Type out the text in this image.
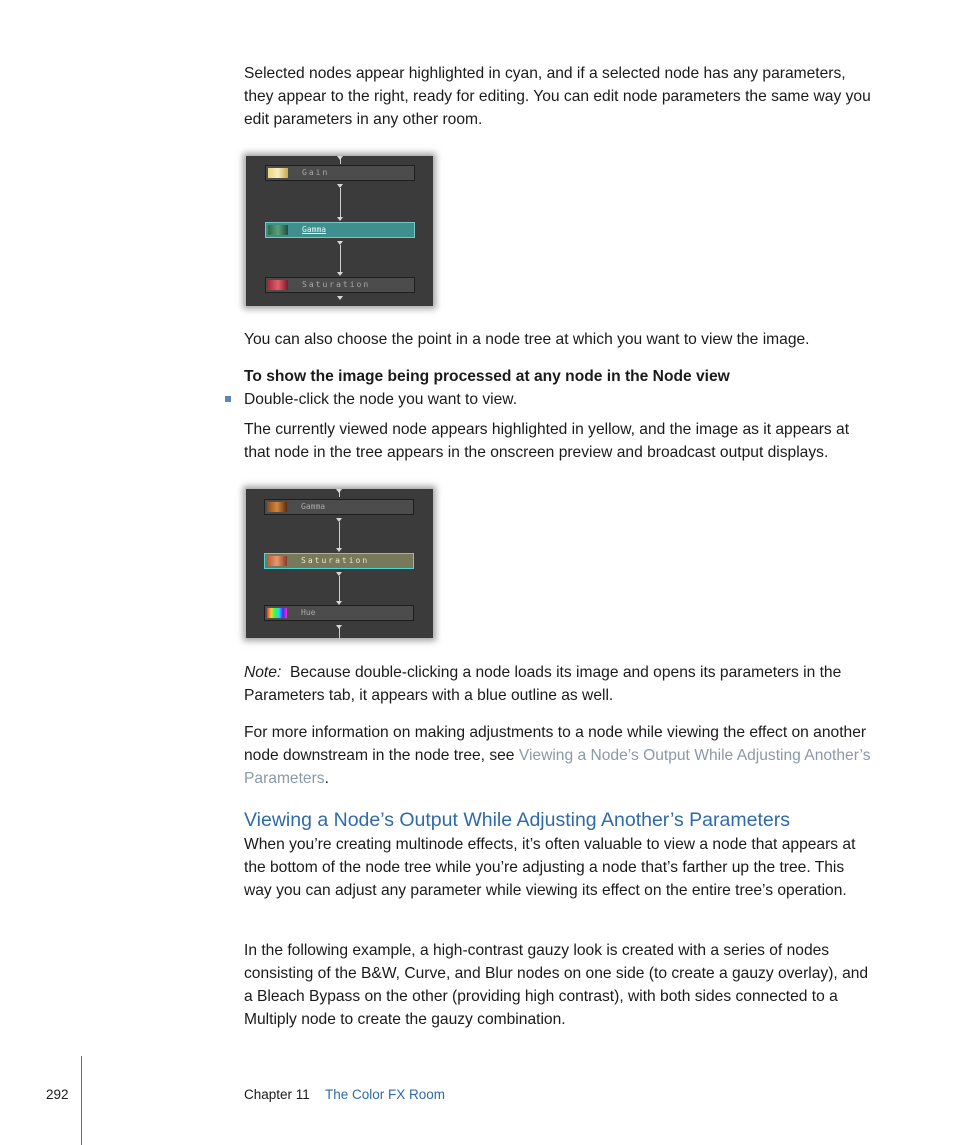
Selected nodes appear highlighted in cyan, and if a selected node has any parameters, they appear to the right, ready for editing. You can edit node parameters the same way you edit parameters in any other room.

Gain
Gamma
Saturation

You can also choose the point in a node tree at which you want to view the image.

To show the image being processed at any node in the Node view

Double-click the node you want to view.

The currently viewed node appears highlighted in yellow, and the image as it appears at that node in the tree appears in the onscreen preview and broadcast output displays.

Gamma
Saturation
Hue

Note: Because double-clicking a node loads its image and opens its parameters in the Parameters tab, it appears with a blue outline as well.

For more information on making adjustments to a node while viewing the effect on another node downstream in the node tree, see Viewing a Node’s Output While Adjusting Another’s Parameters.

Viewing a Node’s Output While Adjusting Another’s Parameters

When you’re creating multinode effects, it’s often valuable to view a node that appears at the bottom of the node tree while you’re adjusting a node that’s farther up the tree. This way you can adjust any parameter while viewing its effect on the entire tree’s operation.

In the following example, a high-contrast gauzy look is created with a series of nodes consisting of the B&W, Curve, and Blur nodes on one side (to create a gauzy overlay), and a Bleach Bypass on the other (providing high contrast), with both sides connected to a Multiply node to create the gauzy combination.

292	Chapter 11 The Color FX Room
